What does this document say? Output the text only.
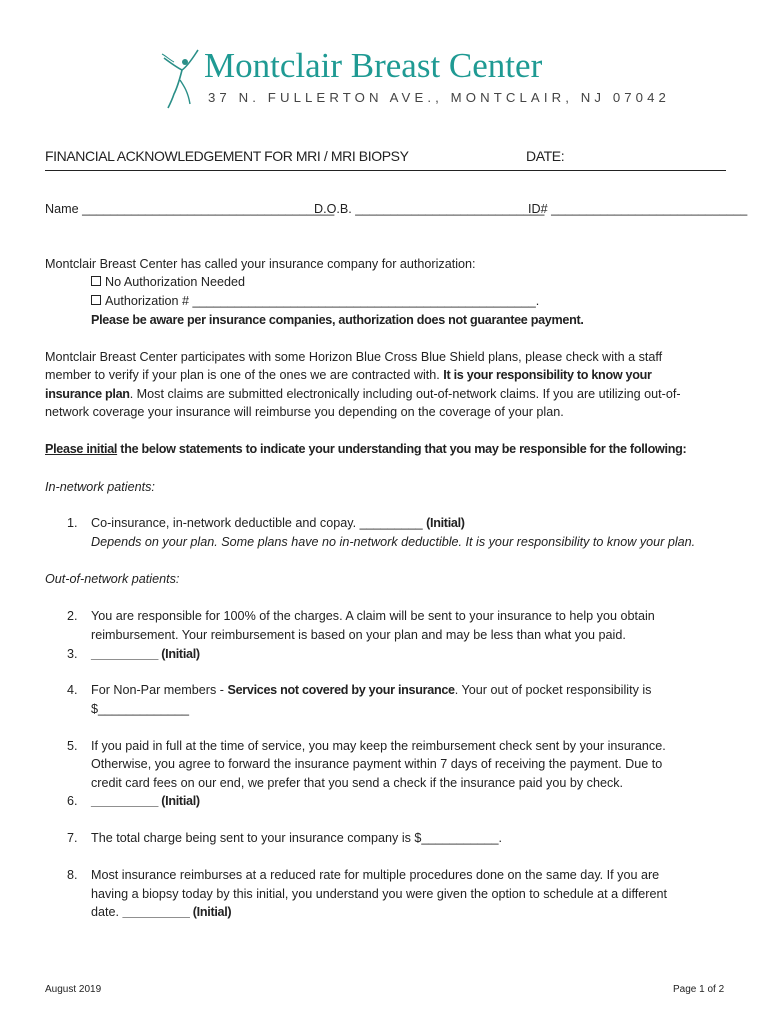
Montclair Breast Center
37 N. FULLERTON AVE., MONTCLAIR, NJ 07042
FINANCIAL ACKNOWLEDGEMENT FOR MRI / MRI BIOPSY	DATE:
Name ____________________________________
D.O.B. ___________________________
ID# ____________________________
Montclair Breast Center has called your insurance company for authorization:
No Authorization Needed
Authorization # _________________________________________________.
Please be aware per insurance companies, authorization does not guarantee payment.
Montclair Breast Center participates with some Horizon Blue Cross Blue Shield plans, please check with a staff
member to verify if your plan is one of the ones we are contracted with. It is your responsibility to know your
insurance plan. Most claims are submitted electronically including out-of-network claims. If you are utilizing out-of-
network coverage your insurance will reimburse you depending on the coverage of your plan.
Please initial the below statements to indicate your understanding that you may be responsible for the following:
In-network patients:
1. Co-insurance, in-network deductible and copay. _________ (Initial)
Depends on your plan. Some plans have no in-network deductible. It is your responsibility to know your plan.
Out-of-network patients:
2. You are responsible for 100% of the charges. A claim will be sent to your insurance to help you obtain
reimbursement. Your reimbursement is based on your plan and may be less than what you paid.
3. __________ (Initial)
4. For Non-Par members - Services not covered by your insurance. Your out of pocket responsibility is
$_____________
5. If you paid in full at the time of service, you may keep the reimbursement check sent by your insurance.
Otherwise, you agree to forward the insurance payment within 7 days of receiving the payment. Due to
credit card fees on our end, we prefer that you send a check if the insurance paid you by check.
6. __________ (Initial)
7. The total charge being sent to your insurance company is $___________.
8. Most insurance reimburses at a reduced rate for multiple procedures done on the same day. If you are
having a biopsy today by this initial, you understand you were given the option to schedule at a different
date. __________ (Initial)
August 2019	Page 1 of 2
